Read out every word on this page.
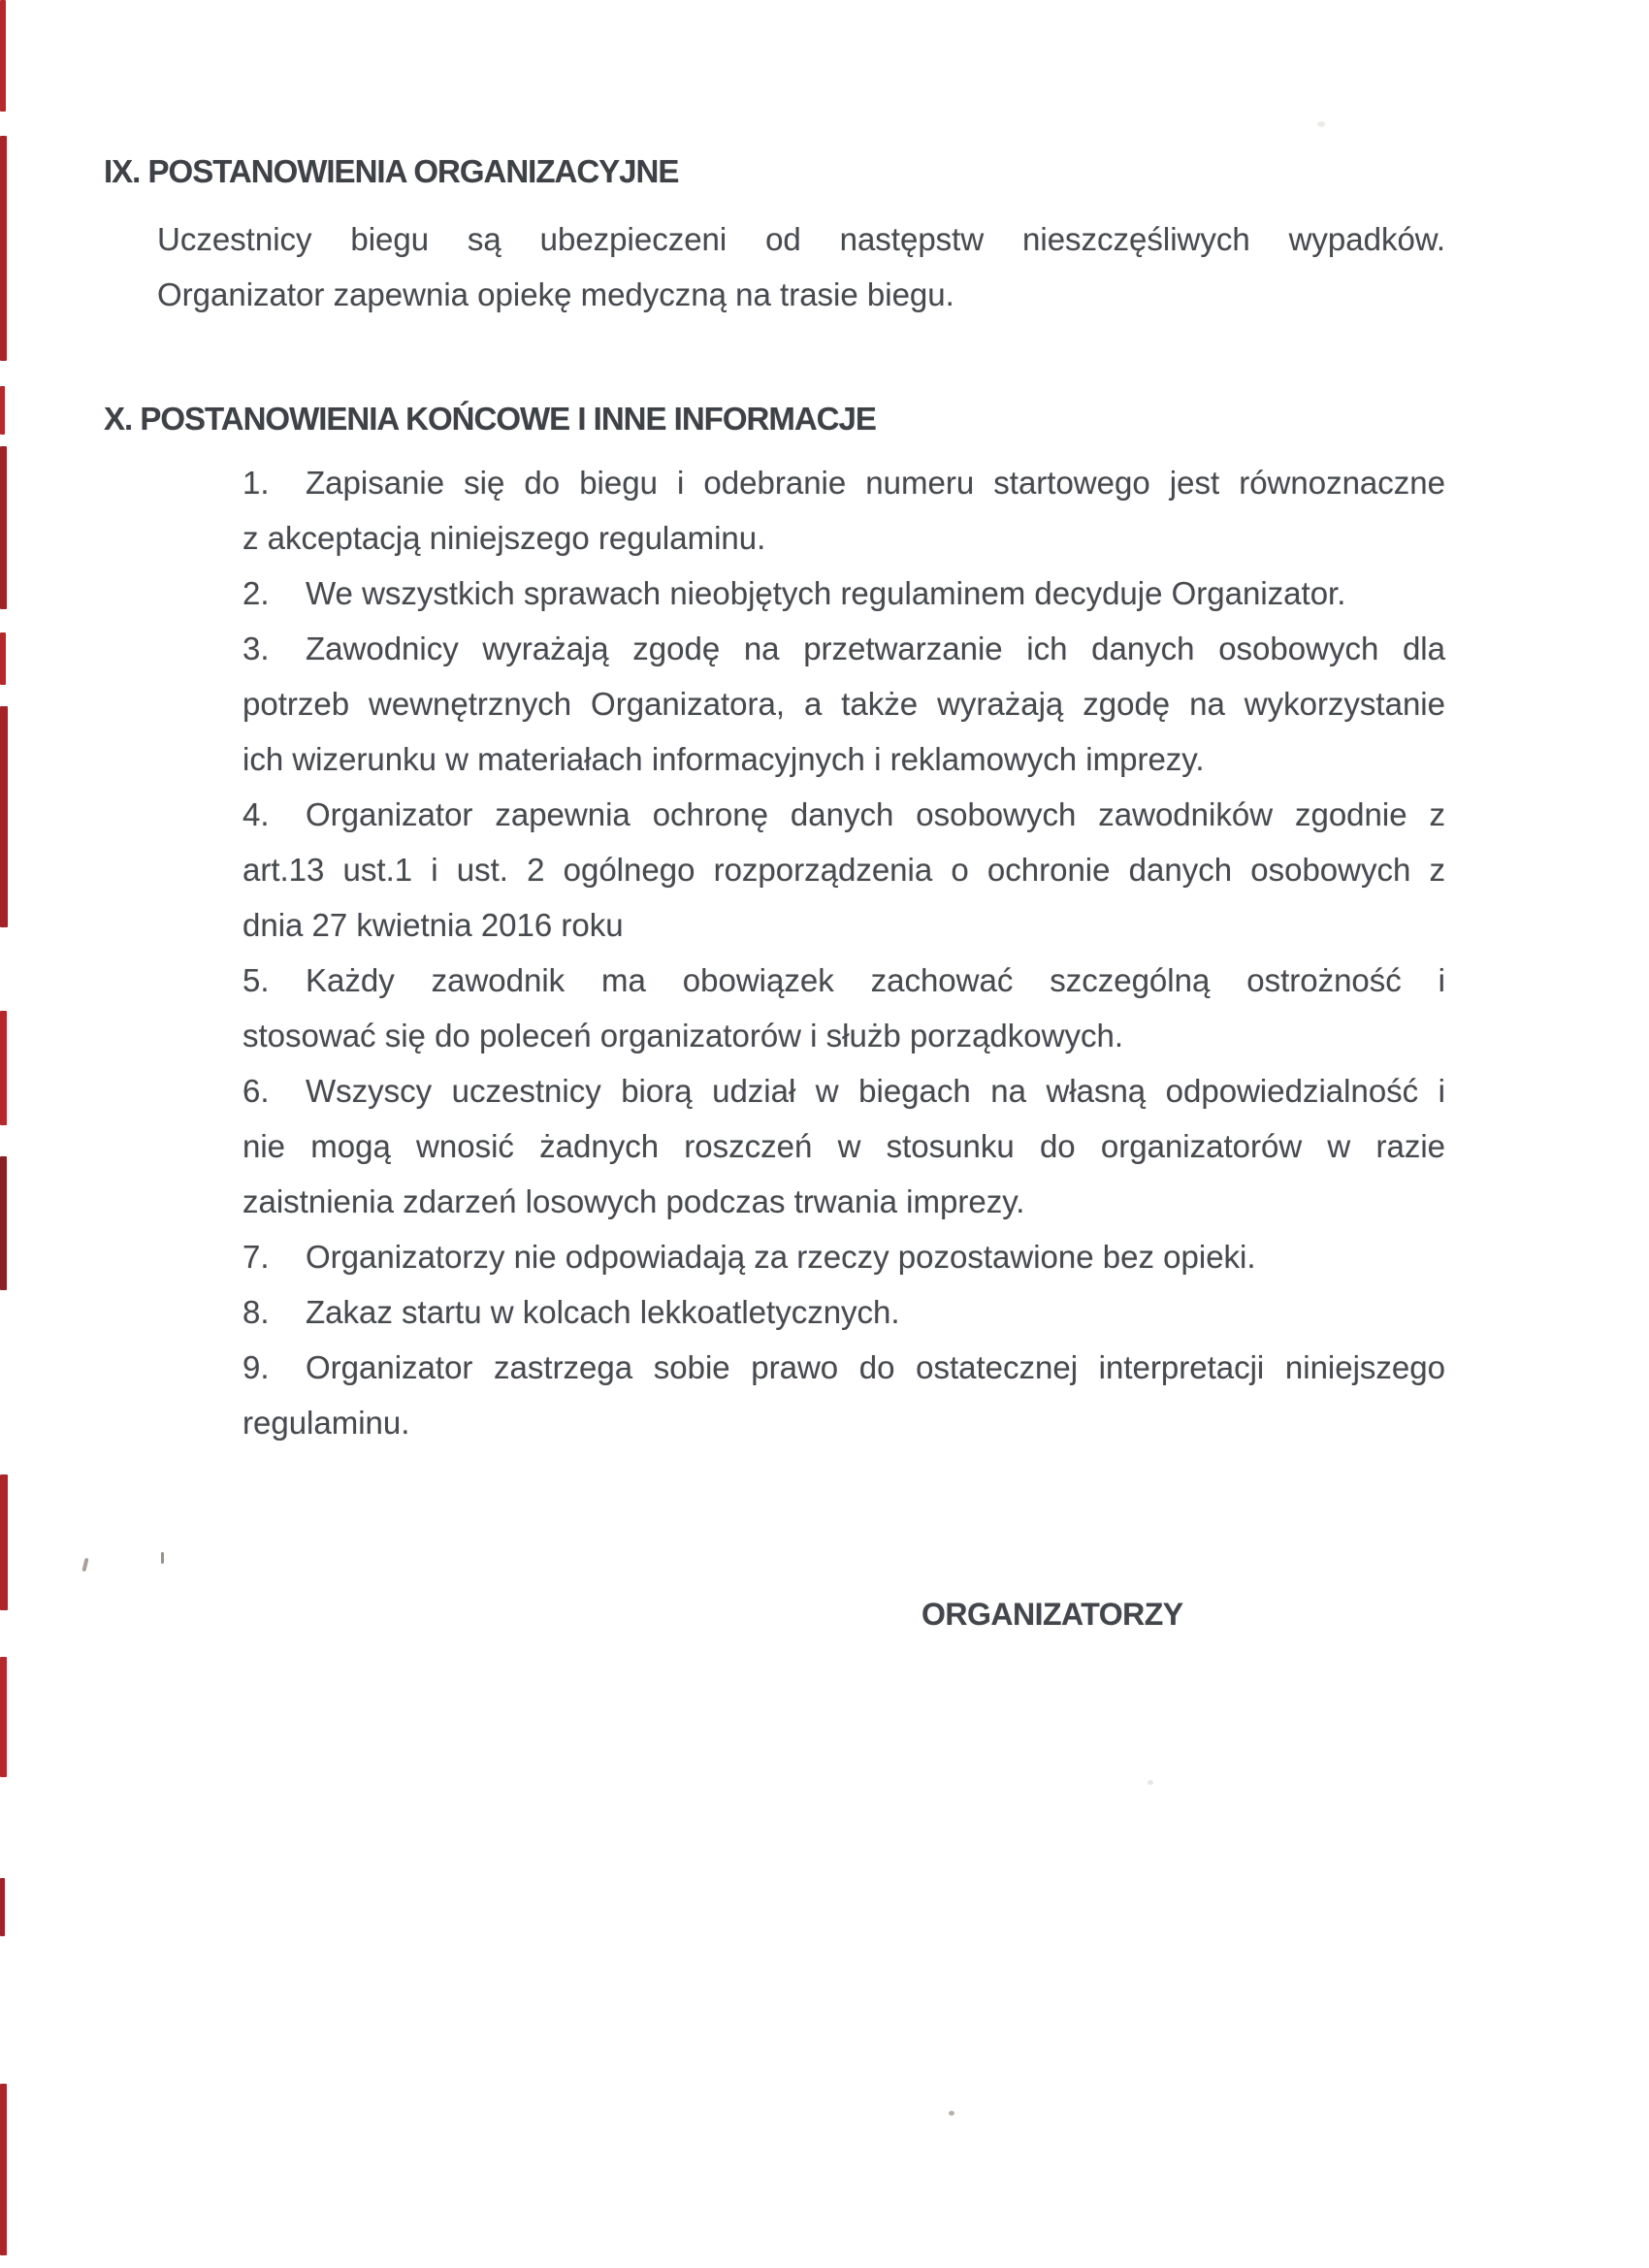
IX. POSTANOWIENIA ORGANIZACYJNE
Uczestnicy biegu są ubezpieczeni od następstw nieszczęśliwych wypadków.
Organizator zapewnia opiekę medyczną na trasie biegu.
X. POSTANOWIENIA KOŃCOWE I INNE INFORMACJE
1. Zapisanie się do biegu i odebranie numeru startowego jest równoznaczne
z akceptacją niniejszego regulaminu.
2. We wszystkich sprawach nieobjętych regulaminem decyduje Organizator.
3. Zawodnicy wyrażają zgodę na przetwarzanie ich danych osobowych dla
potrzeb wewnętrznych Organizatora, a także wyrażają zgodę na wykorzystanie
ich wizerunku w materiałach informacyjnych i reklamowych imprezy.
4. Organizator zapewnia ochronę danych osobowych zawodników zgodnie z
art.13 ust.1 i ust. 2 ogólnego rozporządzenia o ochronie danych osobowych z
dnia 27 kwietnia 2016 roku
5. Każdy zawodnik ma obowiązek zachować szczególną ostrożność i
stosować się do poleceń organizatorów i służb porządkowych.
6. Wszyscy uczestnicy biorą udział w biegach na własną odpowiedzialność i
nie mogą wnosić żadnych roszczeń w stosunku do organizatorów w razie
zaistnienia zdarzeń losowych podczas trwania imprezy.
7. Organizatorzy nie odpowiadają za rzeczy pozostawione bez opieki.
8. Zakaz startu w kolcach lekkoatletycznych.
9. Organizator zastrzega sobie prawo do ostatecznej interpretacji niniejszego
regulaminu.
ORGANIZATORZY
